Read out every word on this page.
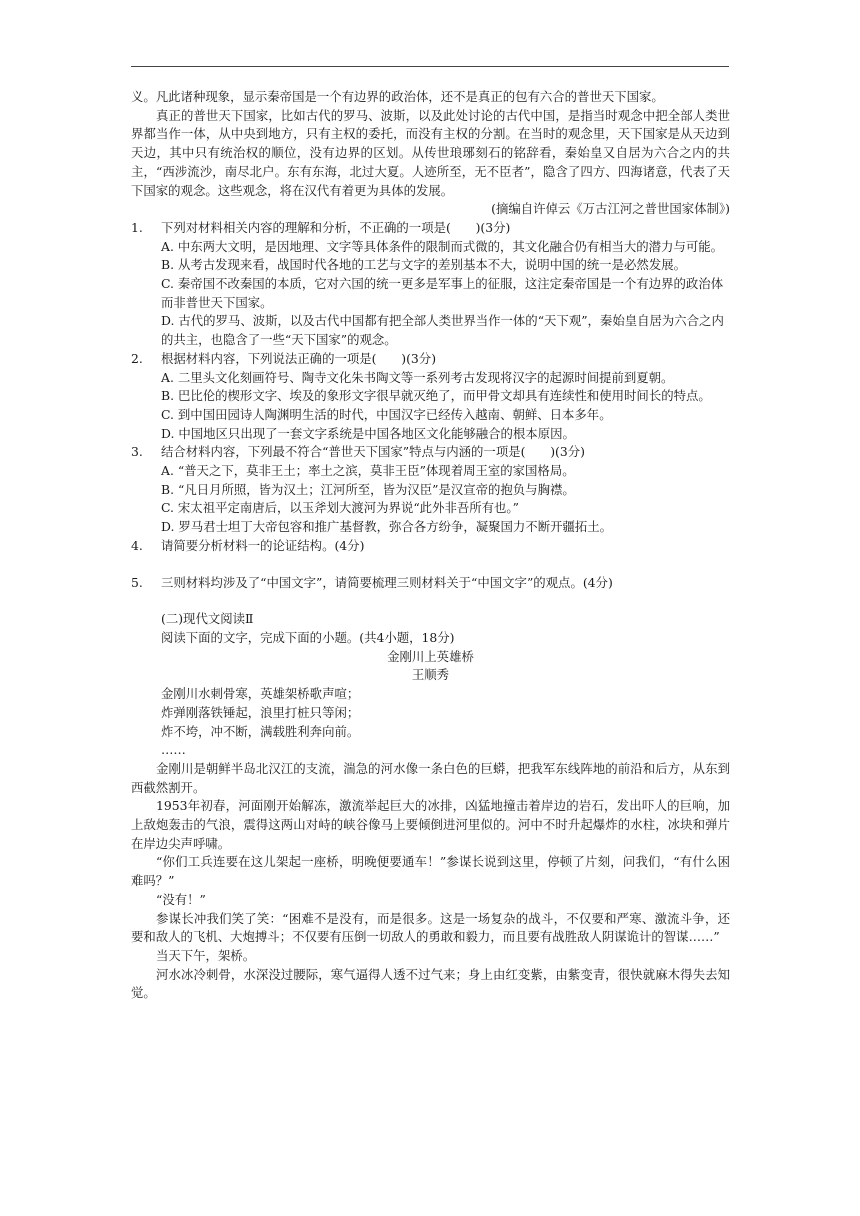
义。凡此诸种现象，显示秦帝国是一个有边界的政治体，还不是真正的包有六合的普世天下国家。

真正的普世天下国家，比如古代的罗马、波斯，以及此处讨论的古代中国，是指当时观念中把全部人类世界都当作一体，从中央到地方，只有主权的委托，而没有主权的分割。在当时的观念里，天下国家是从天边到天边，其中只有统治权的顺位，没有边界的区划。从传世琅琊刻石的铭辞看，秦始皇又自居为六合之内的共主，“西涉流沙，南尽北户。东有东海，北过大夏。人迹所至，无不臣者”，隐含了四方、四海诸意，代表了天下国家的观念。这些观念，将在汉代有着更为具体的发展。

(摘编自许倬云《万古江河之普世国家体制》)

1.	下列对材料相关内容的理解和分析，不正确的一项是(　　)(3分)

A. 中东两大文明，是因地理、文字等具体条件的限制而式微的，其文化融合仍有相当大的潜力与可能。

B. 从考古发现来看，战国时代各地的工艺与文字的差别基本不大，说明中国的统一是必然发展。

C. 秦帝国不改秦国的本质，它对六国的统一更多是军事上的征服，这注定秦帝国是一个有边界的政治体而非普世天下国家。

D. 古代的罗马、波斯，以及古代中国都有把全部人类世界当作一体的“天下观”，秦始皇自居为六合之内的共主，也隐含了一些“天下国家”的观念。

2.	根据材料内容，下列说法正确的一项是(　　)(3分)

A. 二里头文化刻画符号、陶寺文化朱书陶文等一系列考古发现将汉字的起源时间提前到夏朝。

B. 巴比伦的楔形文字、埃及的象形文字很早就灭绝了，而甲骨文却具有连续性和使用时间长的特点。

C. 到中国田园诗人陶渊明生活的时代，中国汉字已经传入越南、朝鲜、日本多年。

D. 中国地区只出现了一套文字系统是中国各地区文化能够融合的根本原因。

3.	结合材料内容，下列最不符合“普世天下国家”特点与内涵的一项是(　　)(3分)

A. “普天之下，莫非王土；率土之滨，莫非王臣”体现着周王室的家国格局。

B. “凡日月所照，皆为汉土；江河所至，皆为汉臣”是汉宣帝的抱负与胸襟。

C. 宋太祖平定南唐后，以玉斧划大渡河为界说“此外非吾所有也。”

D. 罗马君士坦丁大帝包容和推广基督教，弥合各方纷争，凝聚国力不断开疆拓土。

4.	请简要分析材料一的论证结构。(4分)
5.	三则材料均涉及了“中国文字”，请简要梳理三则材料关于“中国文字”的观点。(4分)

(二)现代文阅读Ⅱ

阅读下面的文字，完成下面的小题。(共4小题，18分)

金刚川上英雄桥

王顺秀

金刚川水刺骨寒，英雄架桥歌声喧；

炸弹刚落铁锤起，浪里打桩只等闲；

炸不垮，冲不断，满载胜利奔向前。

……

金刚川是朝鲜半岛北汉江的支流，湍急的河水像一条白色的巨蟒，把我军东线阵地的前沿和后方，从东到西截然割开。

1953年初春，河面刚开始解冻，激流举起巨大的冰排，凶猛地撞击着岸边的岩石，发出吓人的巨响，加上敌炮轰击的气浪，震得这两山对峙的峡谷像马上要倾倒进河里似的。河中不时升起爆炸的水柱，冰块和弹片在岸边尖声呼啸。

“你们工兵连要在这儿架起一座桥，明晚便要通车！”参谋长说到这里，停顿了片刻，问我们，“有什么困难吗？”

“没有！”

参谋长冲我们笑了笑：“困难不是没有，而是很多。这是一场复杂的战斗，不仅要和严寒、激流斗争，还要和敌人的飞机、大炮搏斗；不仅要有压倒一切敌人的勇敢和毅力，而且要有战胜敌人阴谋诡计的智谋……”

当天下午，架桥。

河水冰冷刺骨，水深没过腰际，寒气逼得人透不过气来；身上由红变紫，由紫变青，很快就麻木得失去知觉。
